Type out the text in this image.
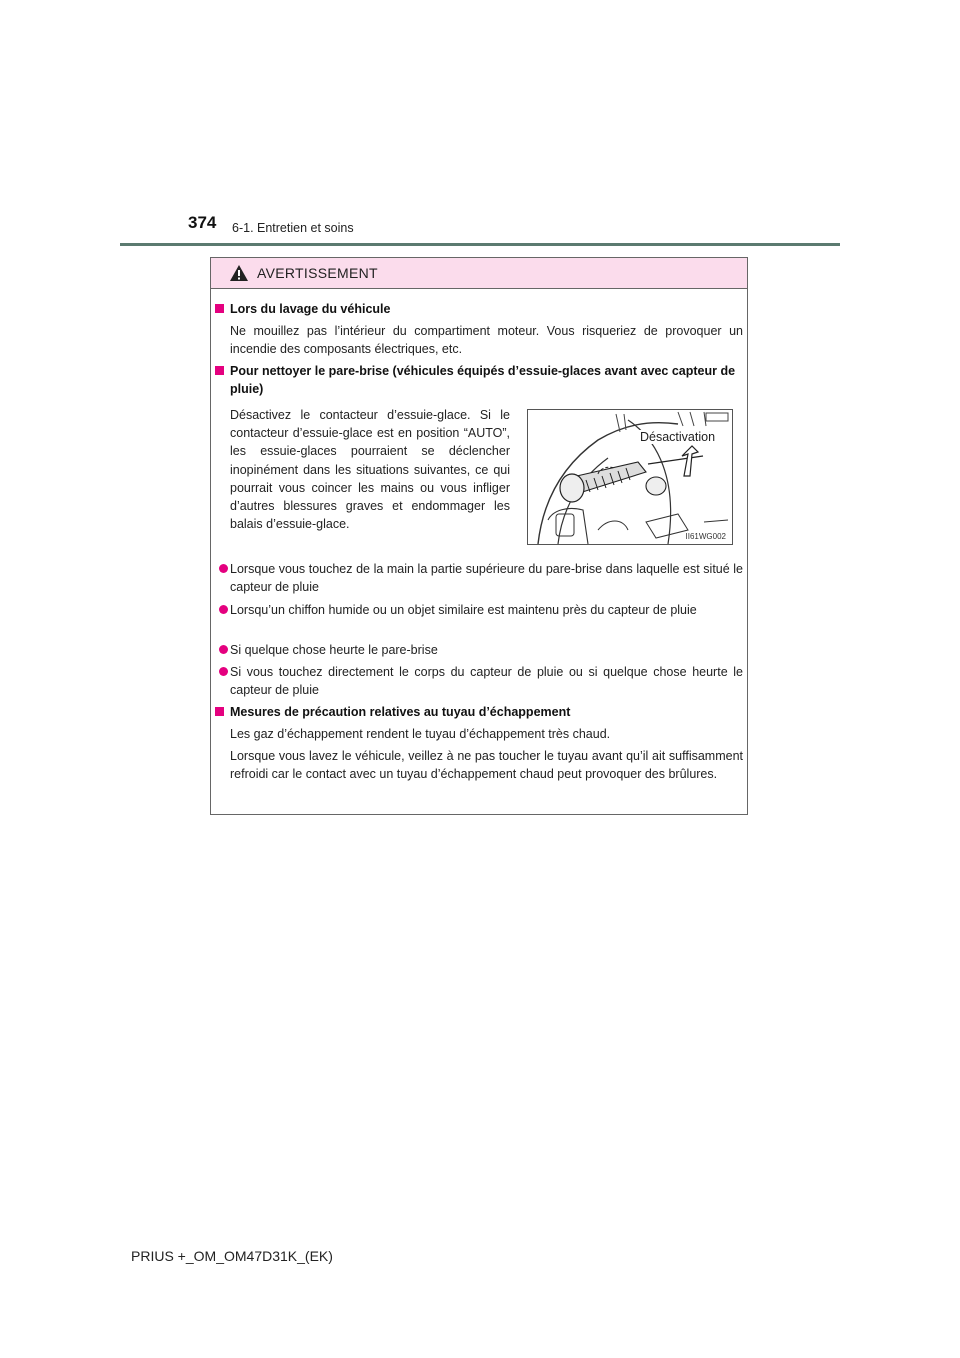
374 6-1. Entretien et soins
AVERTISSEMENT
Lors du lavage du véhicule
Ne mouillez pas l’intérieur du compartiment moteur. Vous risqueriez de provoquer un incendie des composants électriques, etc.
Pour nettoyer le pare-brise (véhicules équipés d’essuie-glaces avant avec capteur de pluie)
Désactivez le contacteur d’essuie-glace. Si le contacteur d’essuie-glace est en position “AUTO”, les essuie-glaces pourraient se déclencher inopinément dans les situations suivantes, ce qui pourrait vous coincer les mains ou vous infliger d’autres blessures graves et endommager les balais d’essuie-glace.
Désactivation
II61WG002
Lorsque vous touchez de la main la partie supérieure du pare-brise dans laquelle est situé le capteur de pluie
Lorsqu’un chiffon humide ou un objet similaire est maintenu près du capteur de pluie
Si quelque chose heurte le pare-brise
Si vous touchez directement le corps du capteur de pluie ou si quelque chose heurte le capteur de pluie
Mesures de précaution relatives au tuyau d’échappement
Les gaz d’échappement rendent le tuyau d’échappement très chaud.
Lorsque vous lavez le véhicule, veillez à ne pas toucher le tuyau avant qu’il ait suffisamment refroidi car le contact avec un tuyau d’échappement chaud peut provoquer des brûlures.
PRIUS +_OM_OM47D31K_(EK)
